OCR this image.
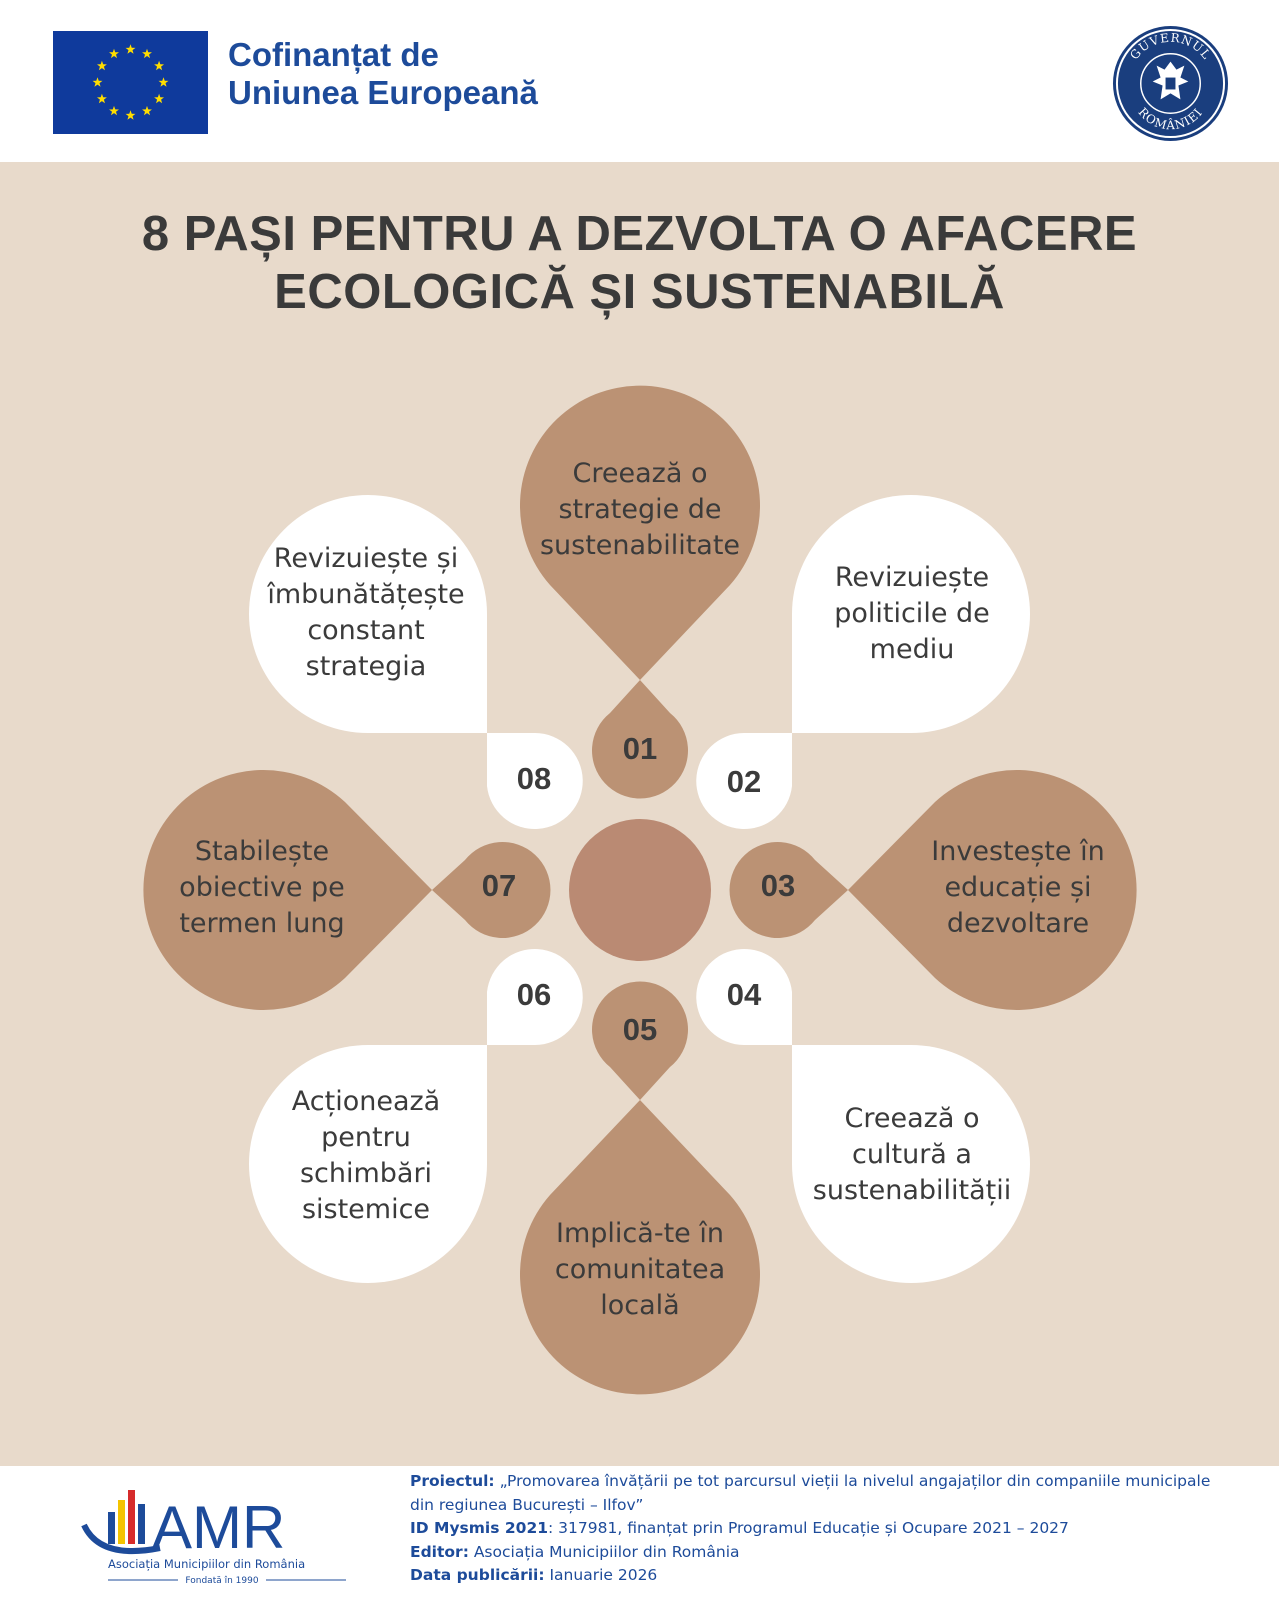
Cofinanțat de
Uniunea Europeană
GUVERNUL
ROMÂNIEI
8 PAȘI PENTRU A DEZVOLTA O AFACERE
ECOLOGICĂ ȘI SUSTENABILĂ
Creează o
strategie de
sustenabilitate
Revizuiește
politicile de
mediu
Investește în
educație și
dezvoltare
Creează o
cultură a
sustenabilității
Implică-te în
comunitatea
locală
Acționează
pentru
schimbări
sistemice
Stabilește
obiective pe
termen lung
Revizuiește și
îmbunătățește
constant
strategia
01
02
03
04
05
06
07
08
AMR
Asociația Municipiilor din România
Fondată în 1990
Proiectul: „Promovarea învățării pe tot parcursul vieții la nivelul angajaților din companiile municipale
din regiunea București – Ilfov”
ID Mysmis 2021: 317981, finanțat prin Programul Educație și Ocupare 2021 – 2027
Editor: Asociația Municipiilor din România
Data publicării: Ianuarie 2026
